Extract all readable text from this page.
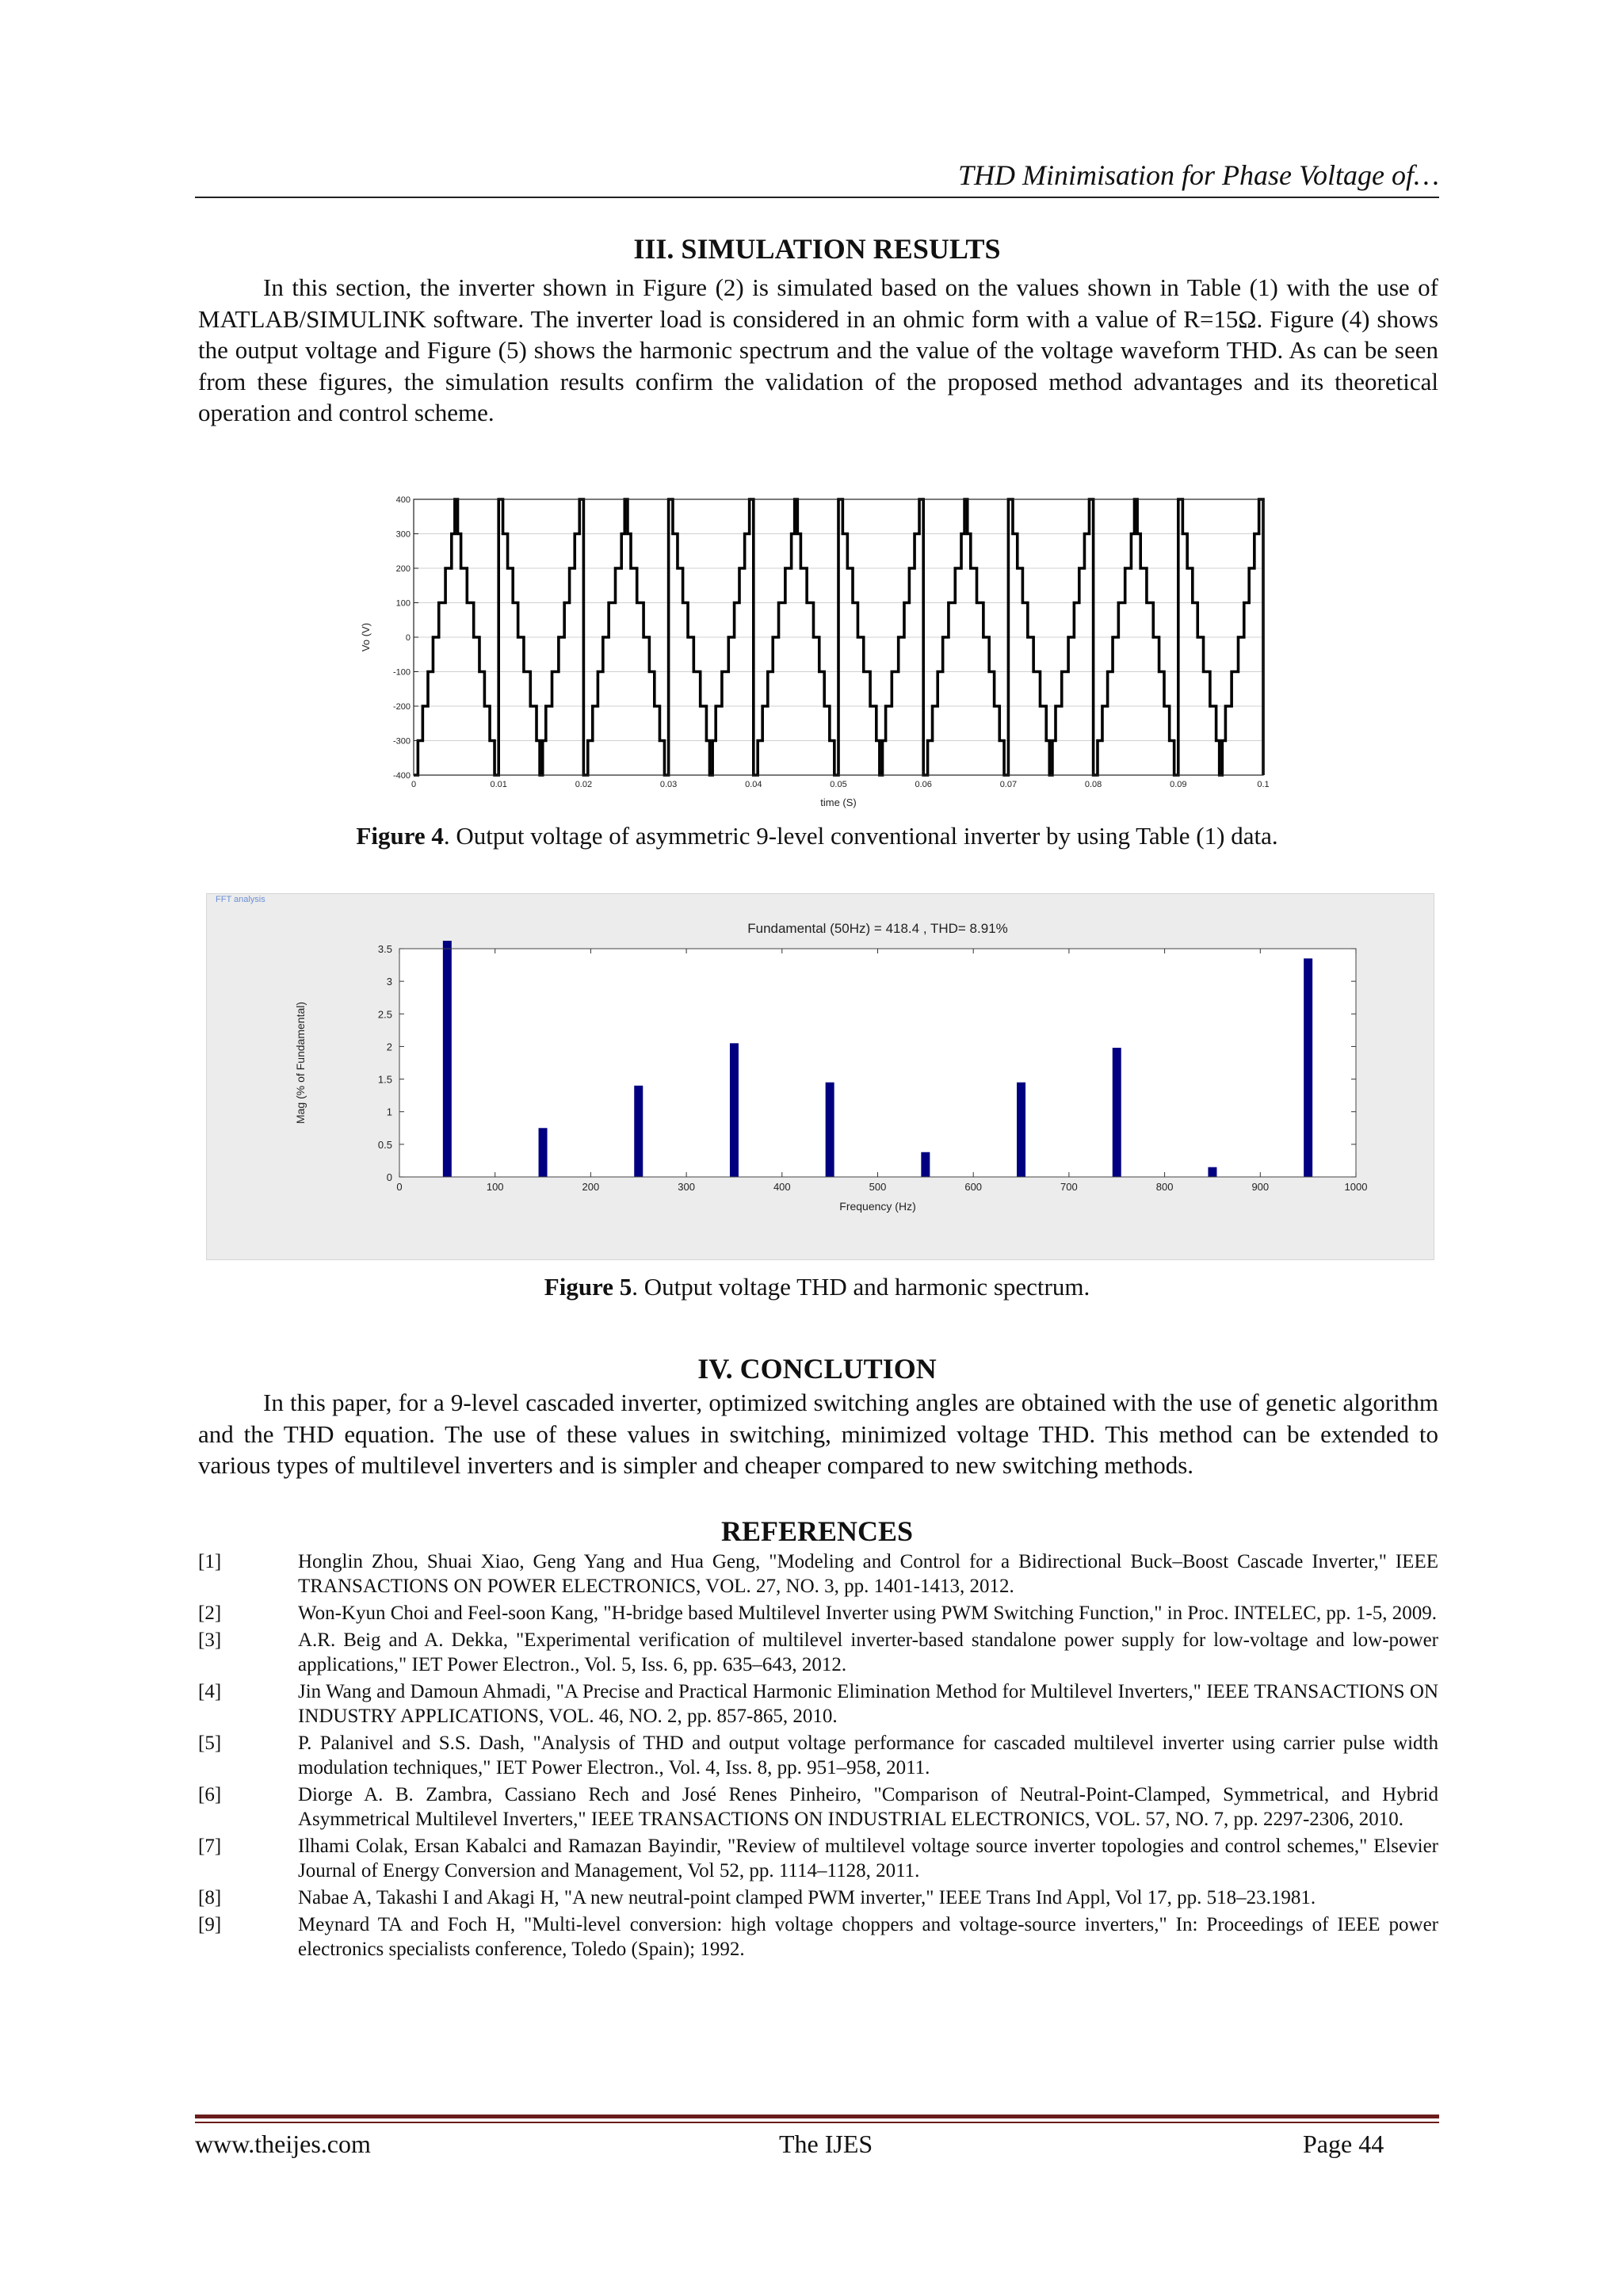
THD Minimisation for Phase Voltage of…
III. SIMULATION RESULTS

In this section, the inverter shown in Figure (2) is simulated based on the values shown in Table (1) with the use of MATLAB/SIMULINK software. The inverter load is considered in an ohmic form with a value of R=15Ω. Figure (4) shows the output voltage and Figure (5) shows the harmonic spectrum and the value of the voltage waveform THD. As can be seen from these figures, the simulation results confirm the validation of the proposed method advantages and its theoretical operation and control scheme.

0	0.01	0.02	0.03	0.04	0.05	0.06	0.07	0.08	0.09	0.1
400
300
200
100
0
-100
-200
-300
-400
time (S)
Vo (V)
Figure 4. Output voltage of asymmetric 9-level conventional inverter by using Table (1) data.
FFT analysis
Fundamental (50Hz) = 418.4 , THD= 8.91%
0	100	200	300	400	500	600	700	800	900	1000
0
0.5
1
1.5
2
2.5
3
3.5
Frequency (Hz)
Mag (% of Fundamental)
Figure 5. Output voltage THD and harmonic spectrum.
IV. CONCLUTION

In this paper, for a 9-level cascaded inverter, optimized switching angles are obtained with the use of genetic algorithm and the THD equation. The use of these values in switching, minimized voltage THD. This method can be extended to various types of multilevel inverters and is simpler and cheaper compared to new switching methods.

REFERENCES
[1]	Honglin Zhou, Shuai Xiao, Geng Yang and Hua Geng, "Modeling and Control for a Bidirectional Buck–Boost Cascade Inverter," IEEE TRANSACTIONS ON POWER ELECTRONICS, VOL. 27, NO. 3, pp. 1401-1413, 2012.
[2]	Won-Kyun Choi and Feel-soon Kang, "H-bridge based Multilevel Inverter using PWM Switching Function," in Proc. INTELEC, pp. 1-5, 2009.
[3]	A.R. Beig and A. Dekka, "Experimental verification of multilevel inverter-based standalone power supply for low-voltage and low-power applications," IET Power Electron., Vol. 5, Iss. 6, pp. 635–643, 2012.
[4]	Jin Wang and Damoun Ahmadi, "A Precise and Practical Harmonic Elimination Method for Multilevel Inverters," IEEE TRANSACTIONS ON INDUSTRY APPLICATIONS, VOL. 46, NO. 2, pp. 857-865, 2010.
[5]	P. Palanivel and S.S. Dash, "Analysis of THD and output voltage performance for cascaded multilevel inverter using carrier pulse width modulation techniques," IET Power Electron., Vol. 4, Iss. 8, pp. 951–958, 2011.
[6]	Diorge A. B. Zambra, Cassiano Rech and José Renes Pinheiro, "Comparison of Neutral-Point-Clamped, Symmetrical, and Hybrid Asymmetrical Multilevel Inverters," IEEE TRANSACTIONS ON INDUSTRIAL ELECTRONICS, VOL. 57, NO. 7, pp. 2297-2306, 2010.
[7]	Ilhami Colak, Ersan Kabalci and Ramazan Bayindir, "Review of multilevel voltage source inverter topologies and control schemes," Elsevier Journal of Energy Conversion and Management, Vol 52, pp. 1114–1128, 2011.
[8]	Nabae A, Takashi I and Akagi H, "A new neutral-point clamped PWM inverter," IEEE Trans Ind Appl, Vol 17, pp. 518–23.1981.
[9]	Meynard TA and Foch H, "Multi-level conversion: high voltage choppers and voltage-source inverters," In: Proceedings of IEEE power electronics specialists conference, Toledo (Spain); 1992.
www.theijes.com	The IJES	Page 44
